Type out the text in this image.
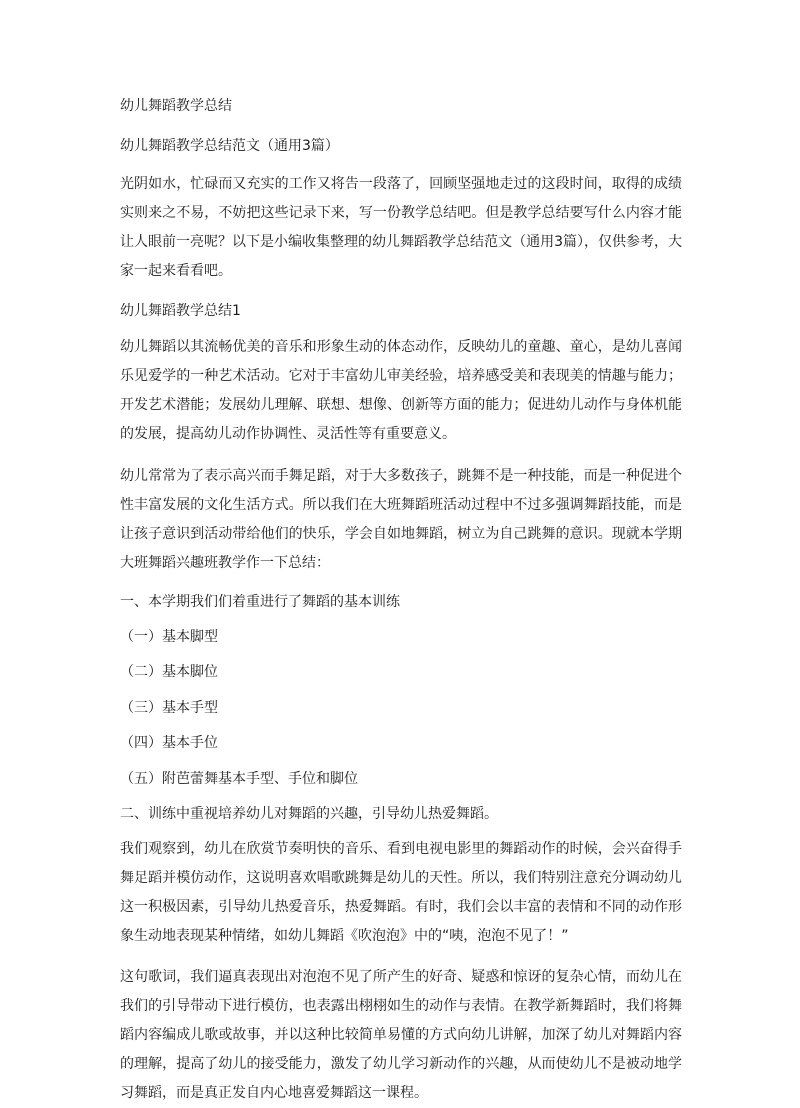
幼儿舞蹈教学总结

幼儿舞蹈教学总结范文（通用3篇）

光阴如水，忙碌而又充实的工作又将告一段落了，回顾坚强地走过的这段时间，取得的成绩实则来之不易，不妨把这些记录下来，写一份教学总结吧。但是教学总结要写什么内容才能让人眼前一亮呢？以下是小编收集整理的幼儿舞蹈教学总结范文（通用3篇），仅供参考，大家一起来看看吧。

幼儿舞蹈教学总结1

幼儿舞蹈以其流畅优美的音乐和形象生动的体态动作，反映幼儿的童趣、童心，是幼儿喜闻乐见爱学的一种艺术活动。它对于丰富幼儿审美经验，培养感受美和表现美的情趣与能力；开发艺术潜能；发展幼儿理解、联想、想像、创新等方面的能力；促进幼儿动作与身体机能的发展，提高幼儿动作协调性、灵活性等有重要意义。

幼儿常常为了表示高兴而手舞足蹈，对于大多数孩子，跳舞不是一种技能，而是一种促进个性丰富发展的文化生活方式。所以我们在大班舞蹈班活动过程中不过多强调舞蹈技能，而是让孩子意识到活动带给他们的快乐，学会自如地舞蹈，树立为自己跳舞的意识。现就本学期大班舞蹈兴趣班教学作一下总结：

一、本学期我们们着重进行了舞蹈的基本训练

（一）基本脚型

（二）基本脚位

（三）基本手型

（四）基本手位

（五）附芭蕾舞基本手型、手位和脚位

二、训练中重视培养幼儿对舞蹈的兴趣，引导幼儿热爱舞蹈。

我们观察到，幼儿在欣赏节奏明快的音乐、看到电视电影里的舞蹈动作的时候，会兴奋得手舞足蹈并模仿动作，这说明喜欢唱歌跳舞是幼儿的天性。所以，我们特别注意充分调动幼儿这一积极因素，引导幼儿热爱音乐，热爱舞蹈。有时，我们会以丰富的表情和不同的动作形象生动地表现某种情绪，如幼儿舞蹈《吹泡泡》中的“咦，泡泡不见了！”

这句歌词，我们逼真表现出对泡泡不见了所产生的好奇、疑惑和惊讶的复杂心情，而幼儿在我们的引导带动下进行模仿，也表露出栩栩如生的动作与表情。在教学新舞蹈时，我们将舞蹈内容编成儿歌或故事，并以这种比较简单易懂的方式向幼儿讲解，加深了幼儿对舞蹈内容的理解，提高了幼儿的接受能力，激发了幼儿学习新动作的兴趣，从而使幼儿不是被动地学习舞蹈，而是真正发自内心地喜爱舞蹈这一课程。
